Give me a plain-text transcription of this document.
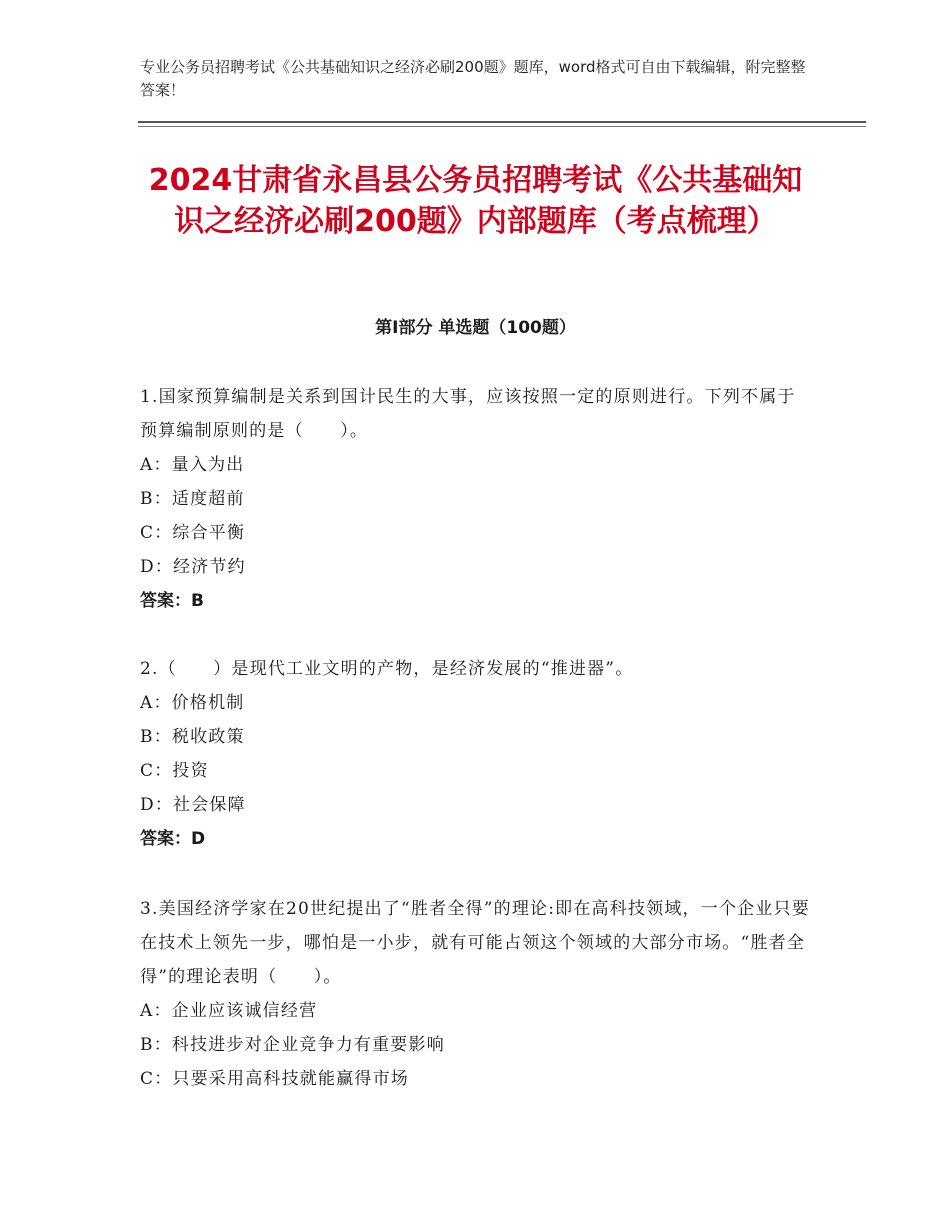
专业公务员招聘考试《公共基础知识之经济必刷200题》题库，word格式可自由下载编辑，附完整整答案！
2024甘肃省永昌县公务员招聘考试《公共基础知识之经济必刷200题》内部题库（考点梳理）
第Ⅰ部分 单选题（100题）

1.国家预算编制是关系到国计民生的大事，应该按照一定的原则进行。下列不属于预算编制原则的是（　　）。

A：量入为出

B：适度超前

C：综合平衡

D：经济节约

答案：B

2.（　　）是现代工业文明的产物，是经济发展的“推进器”。

A：价格机制

B：税收政策

C：投资

D：社会保障

答案：D

3.美国经济学家在20世纪提出了“胜者全得”的理论:即在高科技领域，一个企业只要在技术上领先一步，哪怕是一小步，就有可能占领这个领域的大部分市场。“胜者全得”的理论表明（　　）。

A：企业应该诚信经营

B：科技进步对企业竞争力有重要影响

C：只要采用高科技就能赢得市场
